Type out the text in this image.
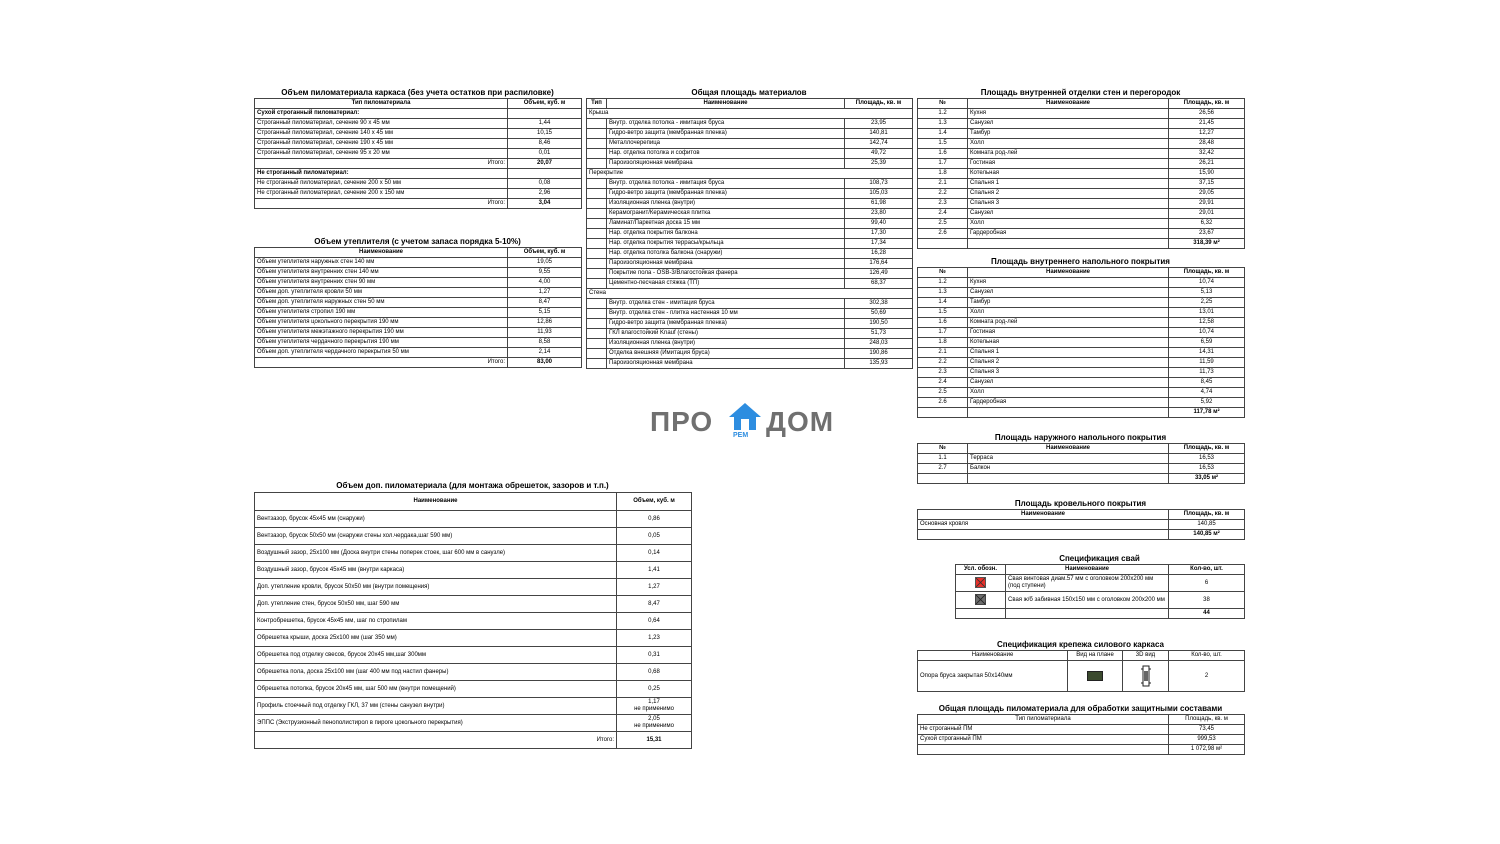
Объем пиломатериала каркаса (без учета остатков при распиловке)
Тип пиломатериала	Объем, куб. м
Сухой строганный пиломатериал:	
Строганный пиломатериал, сечение 90 х 45 мм	1,44
Строганный пиломатериал, сечение 140 х 45 мм	10,15
Строганный пиломатериал, сечение 190 х 45 мм	8,46
Строганный пиломатериал, сечение 95 х 20 мм	0,01
Итого:	20,07
Не строганный пиломатериал:	
Не строганный пиломатериал, сечение 200 х 50 мм	0,08
Не строганный пиломатериал, сечение 200 х 150 мм	2,96
Итого:	3,04
Объем утеплителя (с учетом запаса порядка 5-10%)
Наименование	Объем, куб. м
Объем утеплителя наружных стен 140 мм	19,05
Объем утеплителя внутренних стен 140 мм	9,55
Объем утеплителя внутренних стен 90 мм	4,00
Объем доп. утеплителя кровли 50 мм	1,27
Объем доп. утеплителя наружных стен 50 мм	8,47
Объем утеплителя стропил 190 мм	5,15
Объем утеплителя цокольного перекрытия 190 мм	12,86
Объем утеплителя межэтажного перекрытия 190 мм	11,93
Объем утеплителя чердачного перекрытия 190 мм	8,58
Объем доп. утеплителя чердачного перекрытия 50 мм	2,14
Итого:	83,00
Общая площадь материалов
Тип	Наименование	Площадь, кв. м
Крыша		
	Внутр. отделка потолка - имитация бруса	23,95
	Гидро-ветро защита (мембранная пленка)	140,81
	Металлочерепица	142,74
	Нар. отделка потолка и софитов	49,72
	Пароизоляционная мембрана	25,39
Перекрытие		
	Внутр. отделка потолка - имитация бруса	108,73
	Гидро-ветро защита (мембранная пленка)	105,03
	Изоляционная пленка (внутри)	61,98
	Керамогранит/Керамическая плитка	23,80
	Ламинат/Паркетная доска 15 мм	99,40
	Нар. отделка покрытия балкона	17,30
	Нар. отделка покрытия террасы/крыльца	17,34
	Нар. отделка потолка балкона (снаружи)	16,28
	Пароизоляционная мембрана	176,64
	Покрытие пола - OSB-3/Влагостойкая фанера	126,49
	Цементно-песчаная стяжка (ТП)	68,37
Стена		
	Внутр. отделка стен - имитация бруса	302,38
	Внутр. отделка стен - плитка настенная 10 мм	50,69
	Гидро-ветро защита (мембранная пленка)	190,50
	ГКЛ влагостойкий Knauf (стены)	51,73
	Изоляционная пленка (внутри)	248,03
	Отделка внешняя (Имитация бруса)	190,86
	Пароизоляционная мембрана	135,93
Площадь внутренней отделки стен и перегородок
№	Наименование	Площадь, кв. м
1.2	Кухня	26,56
1.3	Санузел	21,45
1.4	Тамбур	12,27
1.5	Холл	28,48
1.6	Комната род-лей	32,42
1.7	Гостиная	26,21
1.8	Котельная	15,90
2.1	Спальня 1	37,15
2.2	Спальня 2	29,05
2.3	Спальня 3	29,91
2.4	Санузел	29,01
2.5	Холл	6,32
2.6	Гардеробная	23,67
		318,39 м²
Площадь внутреннего напольного покрытия
№	Наименование	Площадь, кв. м
1.2	Кухня	10,74
1.3	Санузел	5,13
1.4	Тамбур	2,25
1.5	Холл	13,01
1.6	Комната род-лей	12,58
1.7	Гостиная	10,74
1.8	Котельная	6,59
2.1	Спальня 1	14,31
2.2	Спальня 2	11,59
2.3	Спальня 3	11,73
2.4	Санузел	8,45
2.5	Холл	4,74
2.6	Гардеробная	5,92
		117,78 м²
Площадь наружного напольного покрытия
№	Наименование	Площадь, кв. м
1.1	Терраса	16,53
2.7	Балкон	16,53
		33,05 м²
Площадь кровельного покрытия
Наименование	Площадь, кв. м
Основная кровля	140,85
	140,85 м²
Спецификация свай
Усл. обозн.	Наименование	Кол-во, шт.

	Свая винтовая диам.57 мм с оголовком 200х200 мм (под ступени)	6

	Свая ж/б забивная 150х150 мм с оголовком 200х200 мм	38
		44
Спецификация крепежа силового каркаса
Наименование	Вид на плане	3D вид	Кол-во, шт.
Опора бруса закрытая 50х140мм			2
Общая площадь пиломатериала для обработки защитными составами
Тип пиломатериала	Площадь, кв. м
Не строганный ПМ	73,45
Сухой строганный ПМ	999,53
	1 072,98 м²
Объем доп. пиломатериала (для монтажа обрешеток, зазоров и т.п.)
Наименование	Объем, куб. м
Вентзазор, брусок 45х45 мм (снаружи)	0,86
Вентзазор, брусок 50х50 мм (снаружи стены хол.чердака,шаг 590 мм)	0,05
Воздушный зазор, 25х100 мм (Доска внутри стены поперек стоек, шаг 600 мм в санузле)	0,14
Воздушный зазор, брусок 45х45 мм (внутри каркаса)	1,41
Доп. утепление кровли, брусок 50х50 мм (внутри помещения)	1,27
Доп. утепление стен, брусок 50х50 мм, шаг 590 мм	8,47
Контробрешетка, брусок 45х45 мм, шаг по стропилам	0,64
Обрешетка крыши, доска 25х100 мм (шаг 350 мм)	1,23
Обрешетка под отделку свесов, брусок 20х45 мм,шаг 300мм	0,31
Обрешетка пола, доска 25х100 мм (шаг 400 мм под настил фанеры)	0,68
Обрешетка потолка, брусок 20х45 мм, шаг 500 мм (внутри помещений)	0,25
Профиль стоечный под отделку ГКЛ, 37 мм (стены санузел внутри)	1,17
не применимо

ЭППС (Экструзионный пенополистирол в пироге цокольного перекрытия)	2,05
не применимо

Итого:	15,31
ПРО	РЕМ ДОМ
